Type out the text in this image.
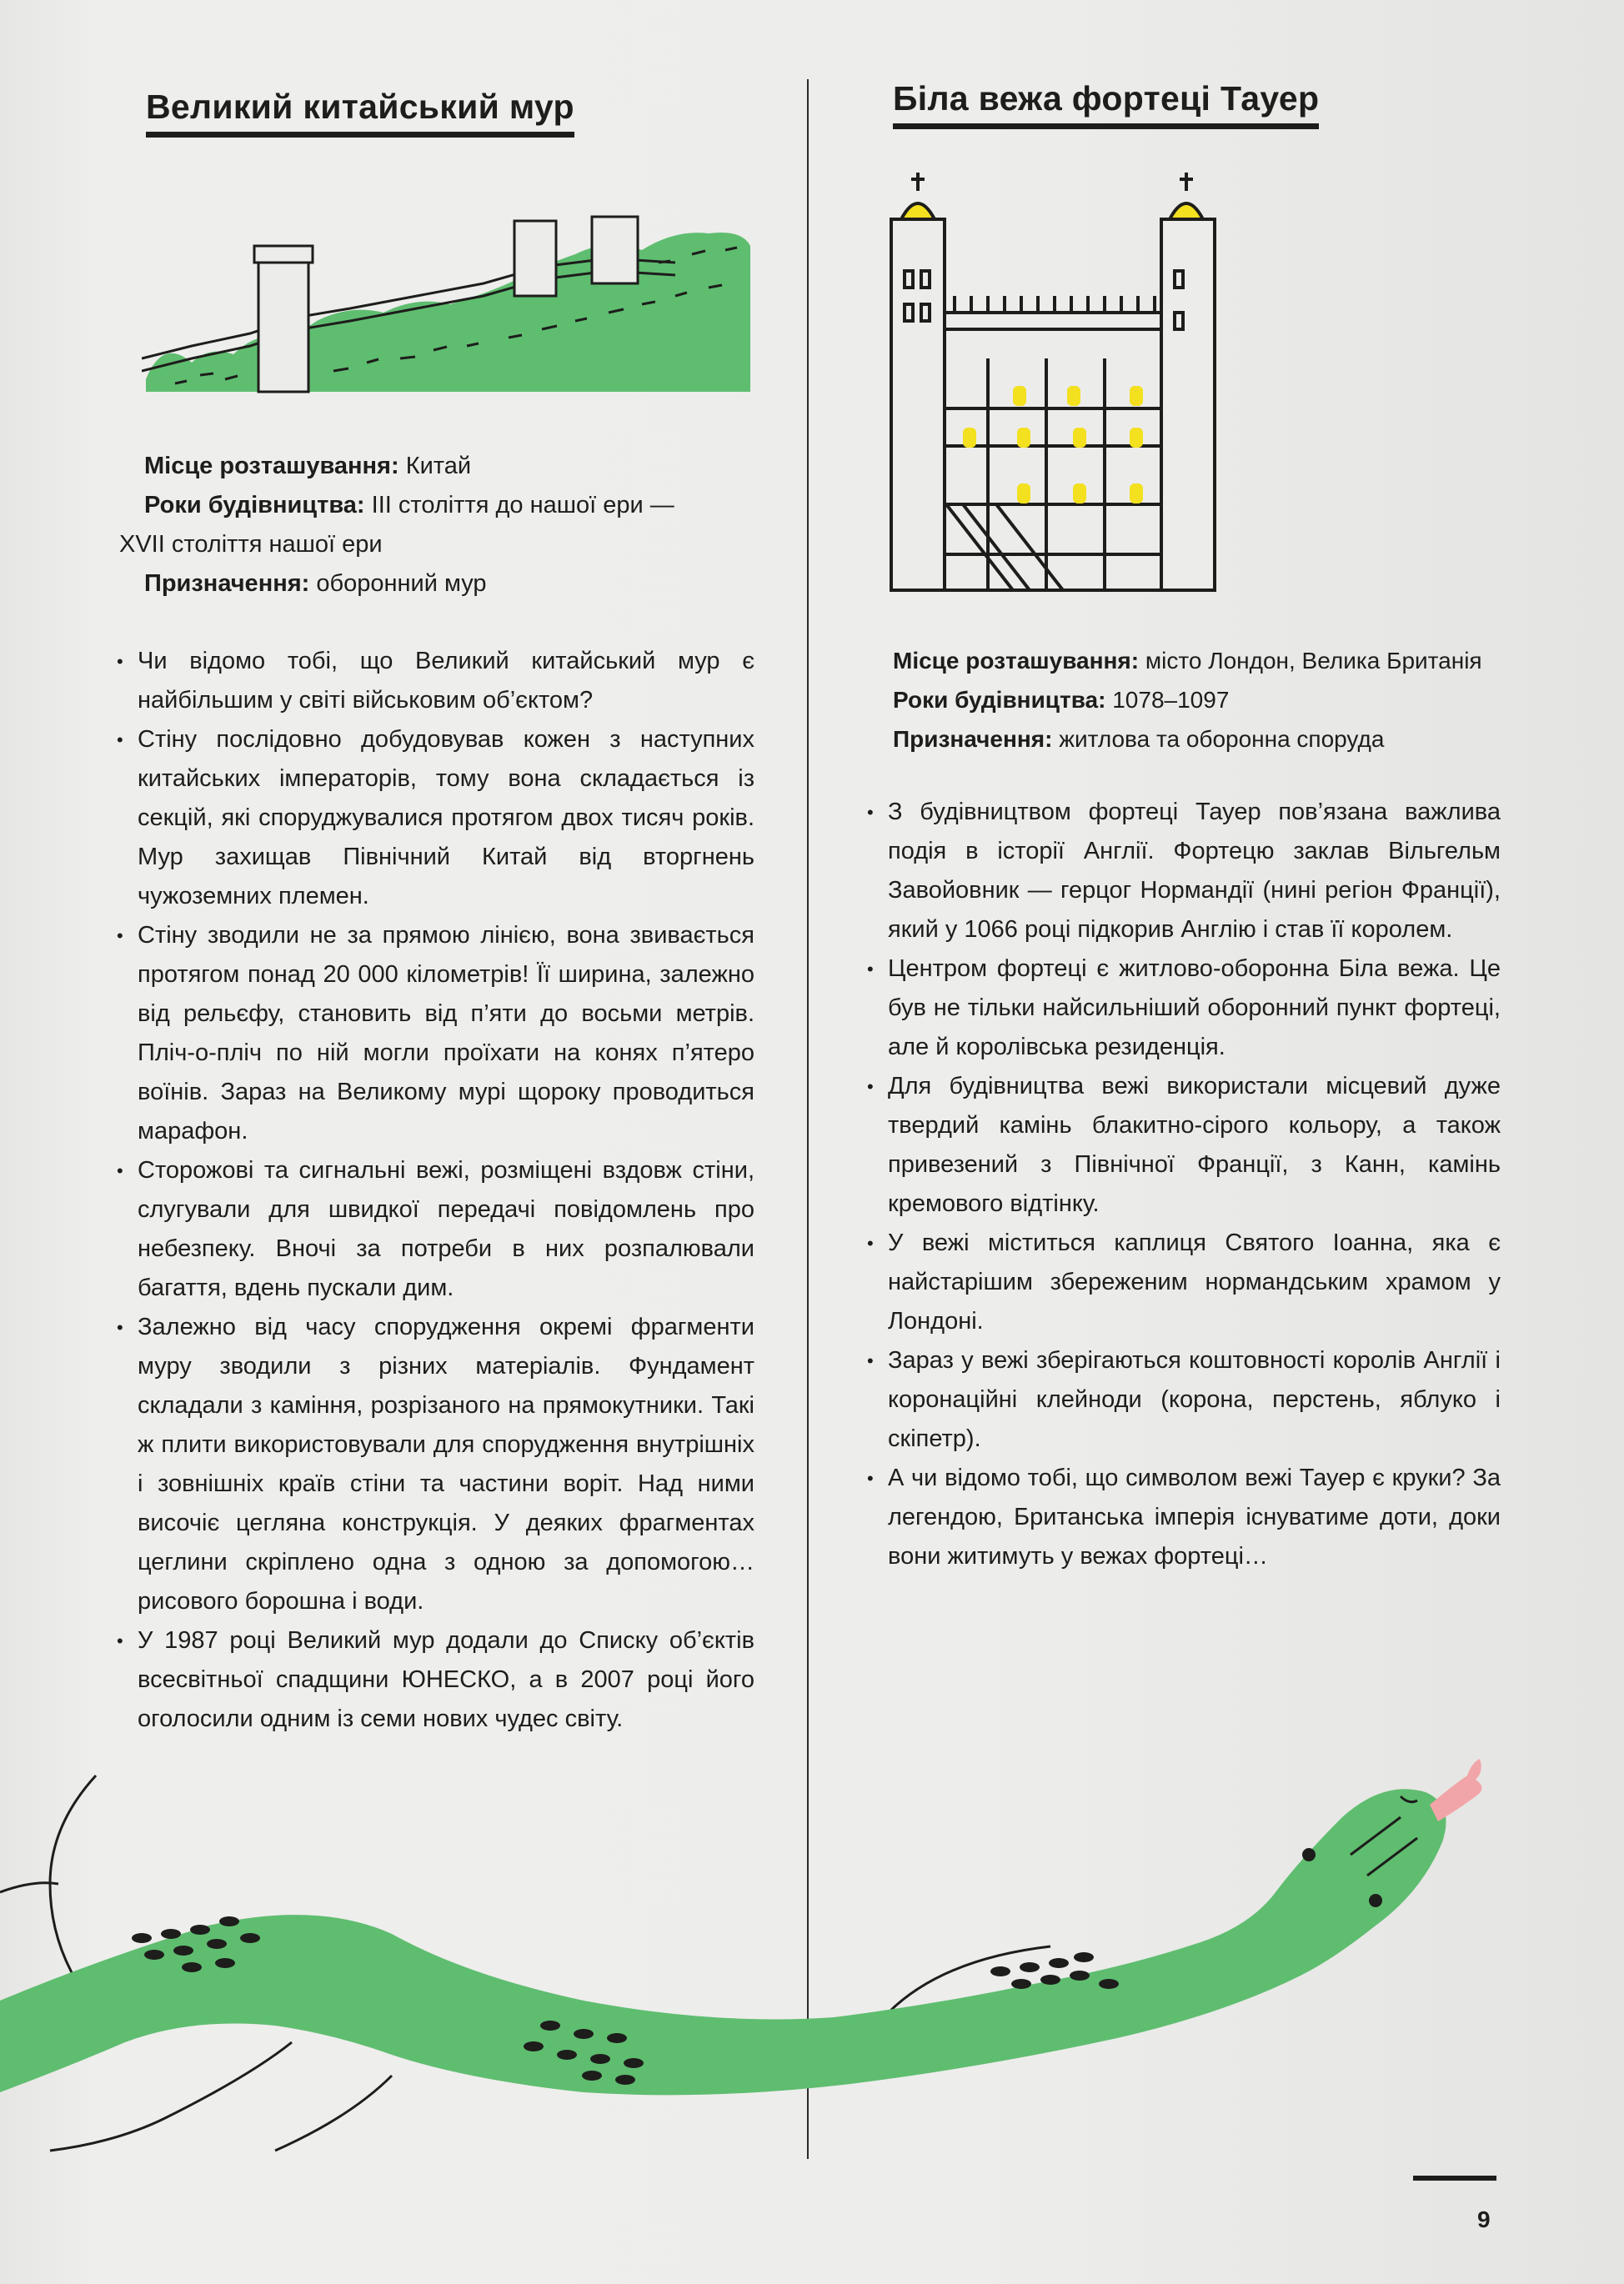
Великий китайський мур
Місце розташування: Китай
Роки будівництва: ІІІ століття до нашої ери —
XVІІ століття нашої ери
Призначення: оборонний мур
• Чи відомо тобі, що Великий китайський мур є найбільшим у світі військовим об’єктом?
• Стіну послідовно добудовував кожен з наступних китайських імператорів, тому вона складається із секцій, які споруджувалися протягом двох тисяч років. Мур захищав Північний Китай від вторгнень чужоземних племен.
• Стіну зводили не за прямою лінією, вона звивається протягом понад 20 000 кілометрів! Її ширина, залежно від рельєфу, становить від п’яти до восьми метрів. Пліч-о-пліч по ній могли проїхати на конях п’ятеро воїнів. Зараз на Великому мурі щороку проводиться марафон.
• Сторожові та сигнальні вежі, розміщені вздовж стіни, слугували для швидкої передачі повідомлень про небезпеку. Вночі за потреби в них розпалювали багаття, вдень пускали дим.
• Залежно від часу спорудження окремі фрагменти муру зводили з різних матеріалів. Фундамент складали з каміння, розрізаного на прямокутники. Такі ж плити використовували для спорудження внутрішніх і зовнішніх країв стіни та частини воріт. Над ними височіє цегляна конструкція. У деяких фрагментах цеглини скріплено одна з одною за допомогою… рисового борошна і води.
• У 1987 році Великий мур додали до Списку об’єктів всесвітньої спадщини ЮНЕСКО, а в 2007 році його оголосили одним із семи нових чудес світу.
Біла вежа фортеці Тауер
Місце розташування: місто Лондон, Велика Британія
Роки будівництва: 1078–1097
Призначення: житлова та оборонна споруда
• З будівництвом фортеці Тауер пов’язана важлива подія в історії Англії. Фортецю заклав Вільгельм Завойовник — герцог Нормандії (нині регіон Франції), який у 1066 році підкорив Англію і став її королем.
• Центром фортеці є житлово-оборонна Біла вежа. Це був не тільки найсильніший оборонний пункт фортеці, але й королівська резиденція.
• Для будівництва вежі використали місцевий дуже твердий камінь блакитно-сірого кольору, а також привезений з Північної Франції, з Канн, камінь кремового відтінку.
• У вежі міститься каплиця Святого Іоанна, яка є найстарішим збереженим нормандським храмом у Лондоні.
• Зараз у вежі зберігаються коштовності королів Англії і коронаційні клейноди (корона, перстень, яблуко і скіпетр).
• А чи відомо тобі, що символом вежі Тауер є круки? За легендою, Британська імперія існуватиме доти, доки вони житимуть у вежах фортеці…
9
